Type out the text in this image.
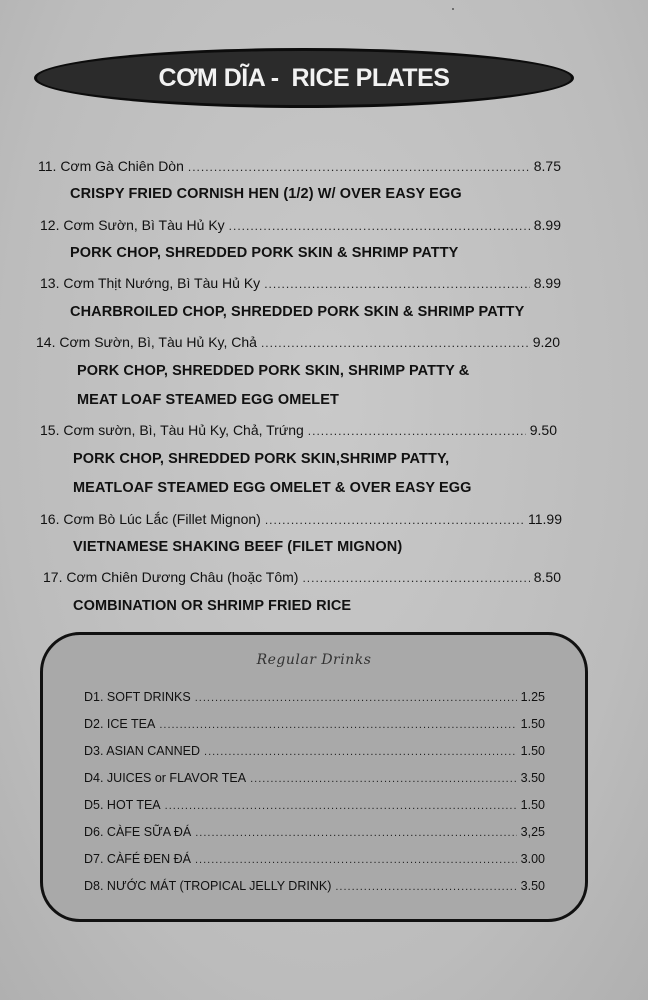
CƠM DĨA -  RICE PLATES
11. Cơm Gà Chiên Dòn .....	8.75
CRISPY FRIED CORNISH HEN (1/2) W/ OVER EASY EGG
12. Cơm Sườn, Bì Tàu Hủ Ky .....	8.99
PORK CHOP, SHREDDED PORK SKIN & SHRIMP PATTY
13. Cơm Thịt Nướng, Bì Tàu Hủ Ky .....	8.99
CHARBROILED CHOP, SHREDDED PORK SKIN & SHRIMP PATTY
14. Cơm Sườn, Bì, Tàu Hủ Ky, Chả .....	9.20
PORK CHOP, SHREDDED PORK SKIN, SHRIMP PATTY &
MEAT LOAF STEAMED EGG OMELET
15. Cơm sườn, Bì, Tàu Hủ Ky, Chả, Trứng .....	9.50
PORK CHOP, SHREDDED PORK SKIN,SHRIMP PATTY,
MEATLOAF STEAMED EGG OMELET & OVER EASY EGG
16. Cơm Bò Lúc Lắc (Fillet Mignon) .....	11.99
VIETNAMESE SHAKING BEEF (FILET MIGNON)
17. Cơm Chiên Dương Châu (hoặc Tôm) .....	8.50
COMBINATION OR SHRIMP FRIED RICE
Regular Drinks
D1. SOFT DRINKS .....	1.25
D2. ICE TEA .....	1.50
D3. ASIAN CANNED .....	1.50
D4. JUICES or FLAVOR TEA .....	3.50
D5. HOT TEA .....	1.50
D6. CÀFE SỮA ĐÁ .....	3,25
D7. CÀFÉ ĐEN ĐÁ .....	3.00
D8. NƯỚC MÁT (TROPICAL JELLY DRINK) .....	3.50
